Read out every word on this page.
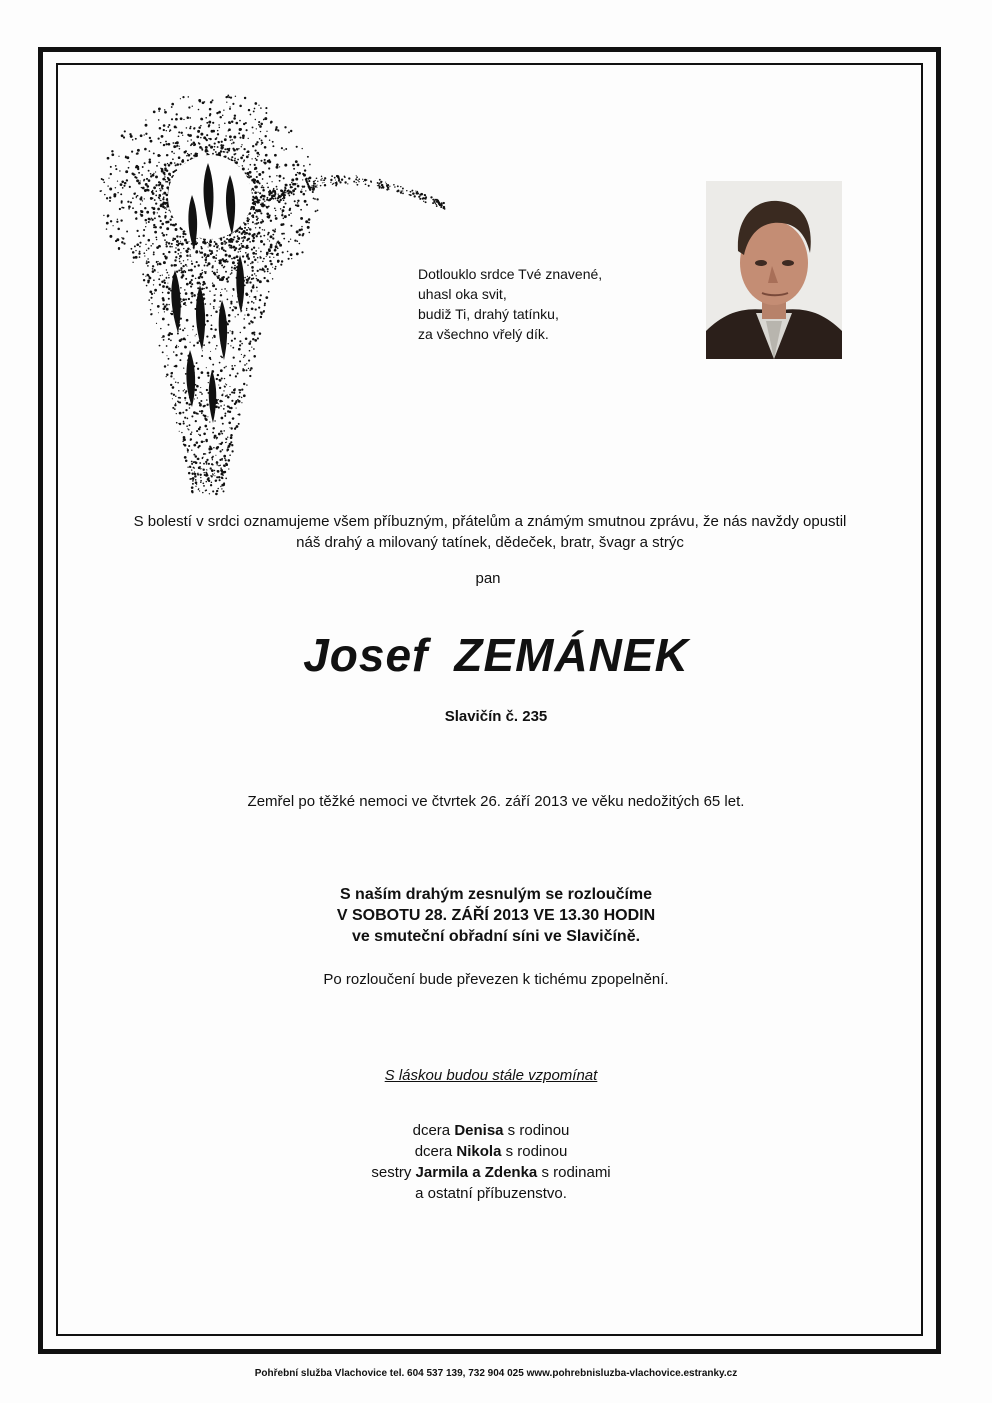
Dotlouklo srdce Tvé znavené,
uhasl oka svit,
budiž Ti, drahý tatínku,
za všechno vřelý dík.
S bolestí v srdci oznamujeme všem příbuzným, přátelům a známým smutnou zprávu, že nás navždy opustil
náš drahý a milovaný tatínek, dědeček, bratr, švagr a strýc
pan
Josef ZEMÁNEK
Slavičín č. 235
Zemřel po těžké nemoci ve čtvrtek 26. září 2013 ve věku nedožitých 65 let.
S naším drahým zesnulým se rozloučíme
V SOBOTU 28. ZÁŘÍ 2013 VE 13.30 HODIN
ve smuteční obřadní síni ve Slavičíně.
Po rozloučení bude převezen k tichému zpopelnění.
S láskou budou stále vzpomínat
dcera Denisa s rodinou
dcera Nikola s rodinou
sestry Jarmila a Zdenka s rodinami
a ostatní příbuzenstvo.
Pohřební služba Vlachovice tel. 604 537 139, 732 904 025 www.pohrebnisluzba-vlachovice.estranky.cz
